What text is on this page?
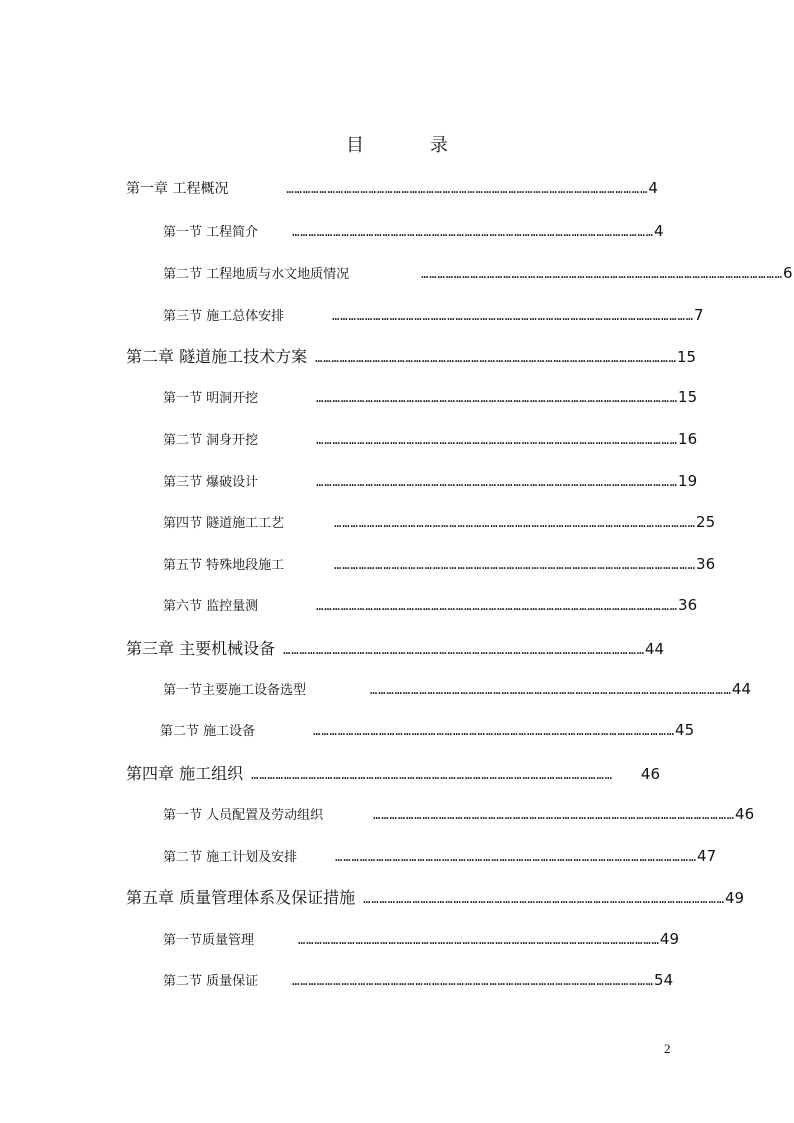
目	录
第一章 工程概况	…………………………………………………………………………………………………………………… 4
第一节 工程简介	…………………………………………………………………………………………………………………… 4
第二节 工程地质与水文地质情况	…………………………………………………………………………………………………………………… 6
第三节 施工总体安排	…………………………………………………………………………………………………………………… 7
第二章 隧道施工技术方案 …………………………………………………………………………………………………………………… 15
第一节 明洞开挖	…………………………………………………………………………………………………………………… 15
第二节 洞身开挖	…………………………………………………………………………………………………………………… 16
第三节 爆破设计	…………………………………………………………………………………………………………………… 19
第四节 隧道施工工艺	…………………………………………………………………………………………………………………… 25
第五节 特殊地段施工	…………………………………………………………………………………………………………………… 36
第六节 监控量测	…………………………………………………………………………………………………………………… 36
第三章 主要机械设备 …………………………………………………………………………………………………………………… 44
第一节主要施工设备选型	…………………………………………………………………………………………………………………… 44
第二节 施工设备	…………………………………………………………………………………………………………………… 45
第四章 施工组织 ……………………………………………………………………………………………………………………	46
第一节 人员配置及劳动组织	…………………………………………………………………………………………………………………… 46
第二节 施工计划及安排	…………………………………………………………………………………………………………………… 47
第五章 质量管理体系及保证措施 …………………………………………………………………………………………………………………… 49
第一节质量管理	…………………………………………………………………………………………………………………… 49
第二节 质量保证	…………………………………………………………………………………………………………………… 54
2
